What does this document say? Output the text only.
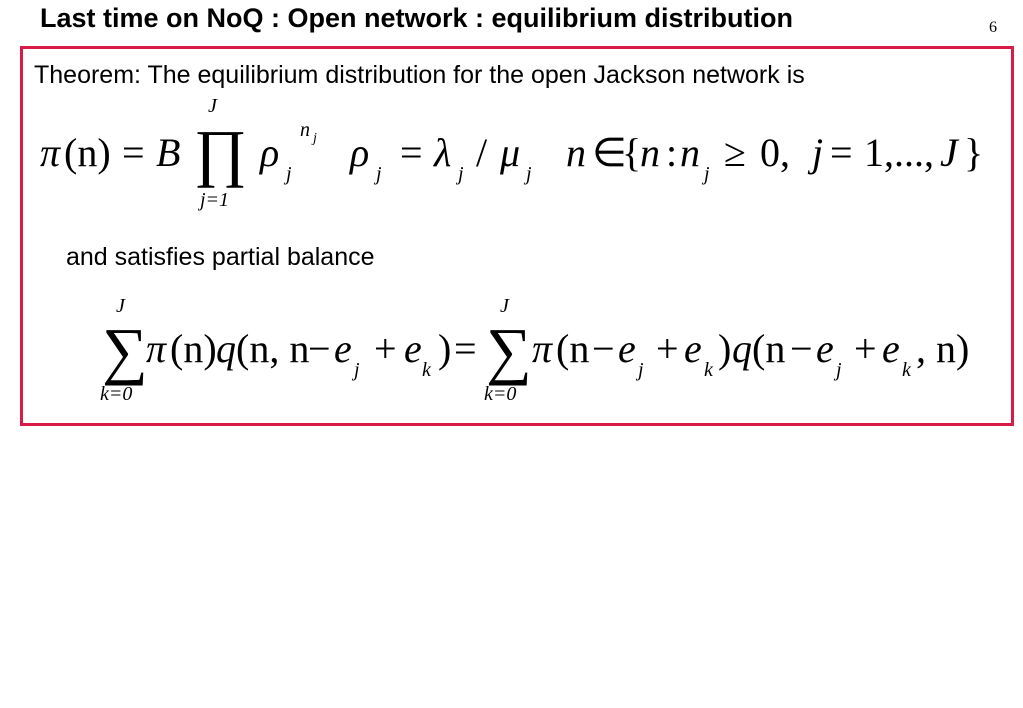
Last time on NoQ : Open network : equilibrium distribution	6
Theorem: The equilibrium distribution for the open Jackson network is
π (n) = B ∏
J
j=1
ρ j
n j ρ j = λ j / μ j n ∈
{
n : n j ≥ 0, j = 1,..., J }
and satisfies partial balance
∑
J
k=0
π (n) q (n, n
− e j + e k ) = ∑
J
k=0
π (n − e j + e k ) q (n − e j + e k , n)
